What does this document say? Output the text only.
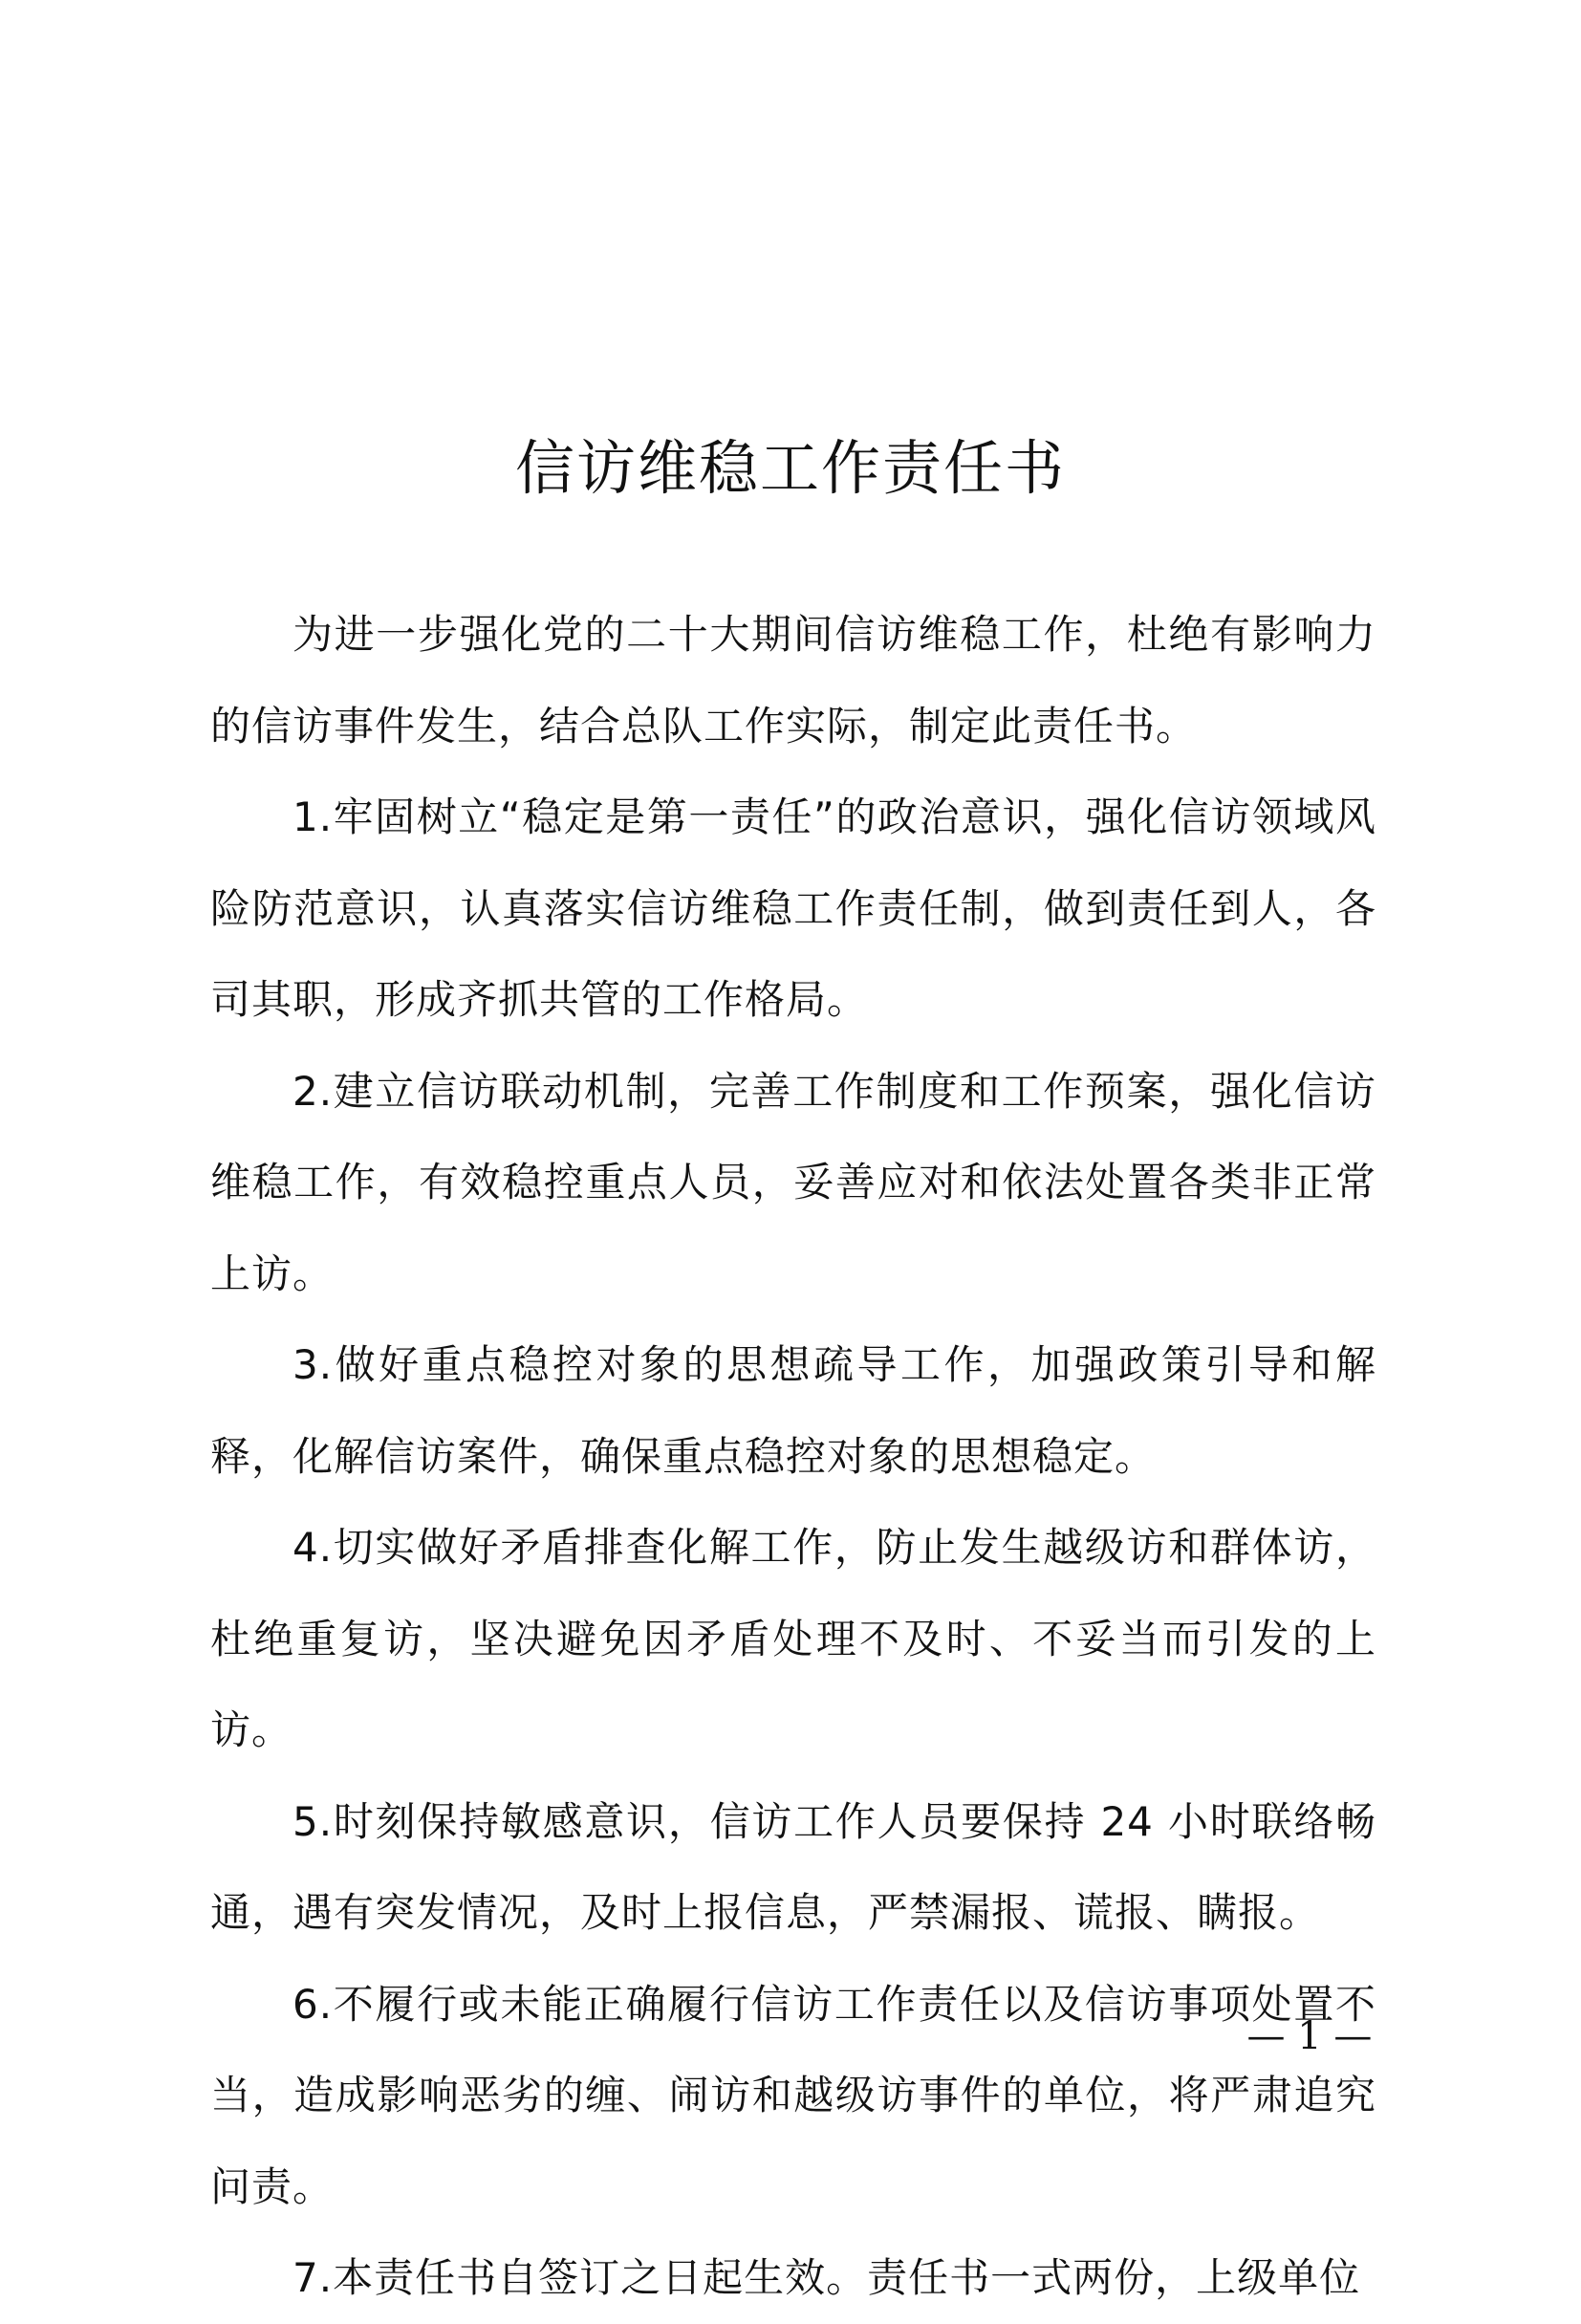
信访维稳工作责任书

为进一步强化党的二十大期间信访维稳工作，杜绝有影响力的信访事件发生，结合总队工作实际，制定此责任书。

1.牢固树立“稳定是第一责任”的政治意识，强化信访领域风险防范意识，认真落实信访维稳工作责任制，做到责任到人，各司其职，形成齐抓共管的工作格局。

2.建立信访联动机制，完善工作制度和工作预案，强化信访维稳工作，有效稳控重点人员，妥善应对和依法处置各类非正常上访。

3.做好重点稳控对象的思想疏导工作，加强政策引导和解释，化解信访案件，确保重点稳控对象的思想稳定。

4.切实做好矛盾排查化解工作，防止发生越级访和群体访，杜绝重复访，坚决避免因矛盾处理不及时、不妥当而引发的上访。

5.时刻保持敏感意识，信访工作人员要保持 24 小时联络畅通，遇有突发情况，及时上报信息，严禁漏报、谎报、瞒报。

6.不履行或未能正确履行信访工作责任以及信访事项处置不当，造成影响恶劣的缠、闹访和越级访事件的单位，将严肃追究问责。

7.本责任书自签订之日起生效。责任书一式两份，上级单位

— 1 —
